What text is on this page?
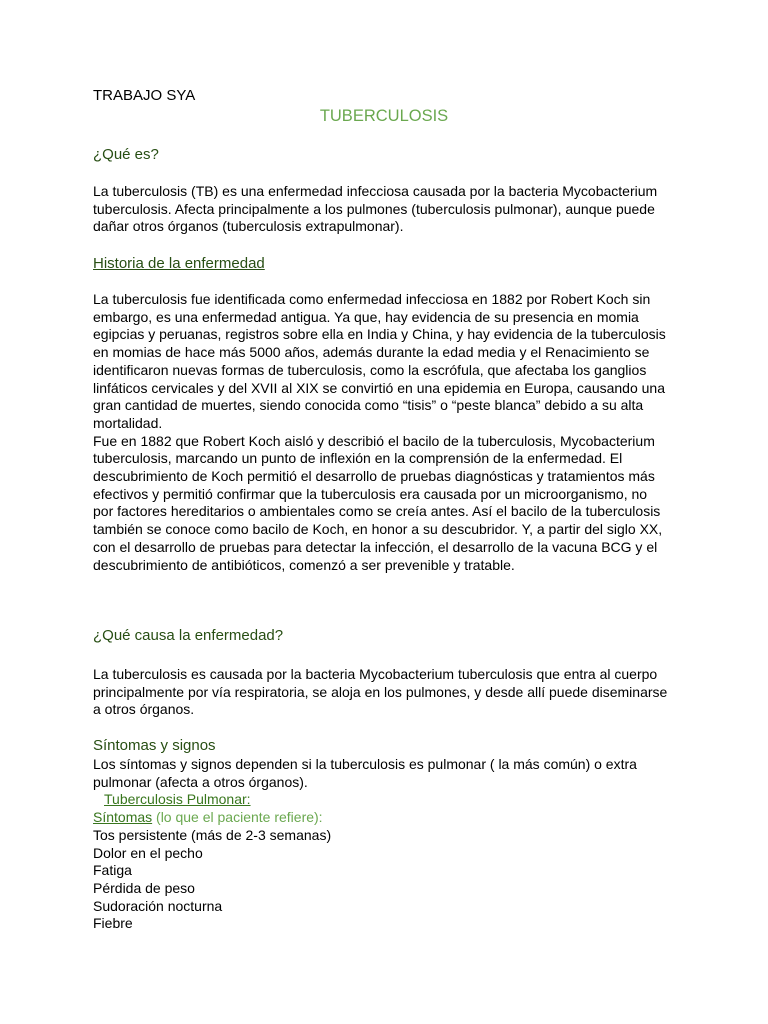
TRABAJO SYA
TUBERCULOSIS
¿Qué es?
La tuberculosis (TB) es una enfermedad infecciosa causada por la bacteria Mycobacterium
tuberculosis. Afecta principalmente a los pulmones (tuberculosis pulmonar), aunque puede
dañar otros órganos (tuberculosis extrapulmonar).
Historia de la enfermedad
La tuberculosis fue identificada como enfermedad infecciosa en 1882 por Robert Koch sin
embargo, es una enfermedad antigua. Ya que, hay evidencia de su presencia en momia
egipcias y peruanas, registros sobre ella en India y China, y hay evidencia de la tuberculosis
en momias de hace más 5000 años, además durante la edad media y el Renacimiento se
identificaron nuevas formas de tuberculosis, como la escrófula, que afectaba los ganglios
linfáticos cervicales y del XVII al XIX se convirtió en una epidemia en Europa, causando una
gran cantidad de muertes, siendo conocida como “tisis” o “peste blanca” debido a su alta
mortalidad.
Fue en 1882 que Robert Koch aisló y describió el bacilo de la tuberculosis, Mycobacterium
tuberculosis, marcando un punto de inflexión en la comprensión de la enfermedad. El
descubrimiento de Koch permitió el desarrollo de pruebas diagnósticas y tratamientos más
efectivos y permitió confirmar que la tuberculosis era causada por un microorganismo, no
por factores hereditarios o ambientales como se creía antes. Así el bacilo de la tuberculosis
también se conoce como bacilo de Koch, en honor a su descubridor. Y, a partir del siglo XX,
con el desarrollo de pruebas para detectar la infección, el desarrollo de la vacuna BCG y el
descubrimiento de antibióticos, comenzó a ser prevenible y tratable.
¿Qué causa la enfermedad?
La tuberculosis es causada por la bacteria Mycobacterium tuberculosis que entra al cuerpo
principalmente por vía respiratoria, se aloja en los pulmones, y desde allí puede diseminarse
a otros órganos.
Síntomas y signos
Los síntomas y signos dependen si la tuberculosis es pulmonar ( la más común) o extra
pulmonar (afecta a otros órganos).
Tuberculosis Pulmonar:
Síntomas (lo que el paciente refiere):
Tos persistente (más de 2-3 semanas)
Dolor en el pecho
Fatiga
Pérdida de peso
Sudoración nocturna
Fiebre
